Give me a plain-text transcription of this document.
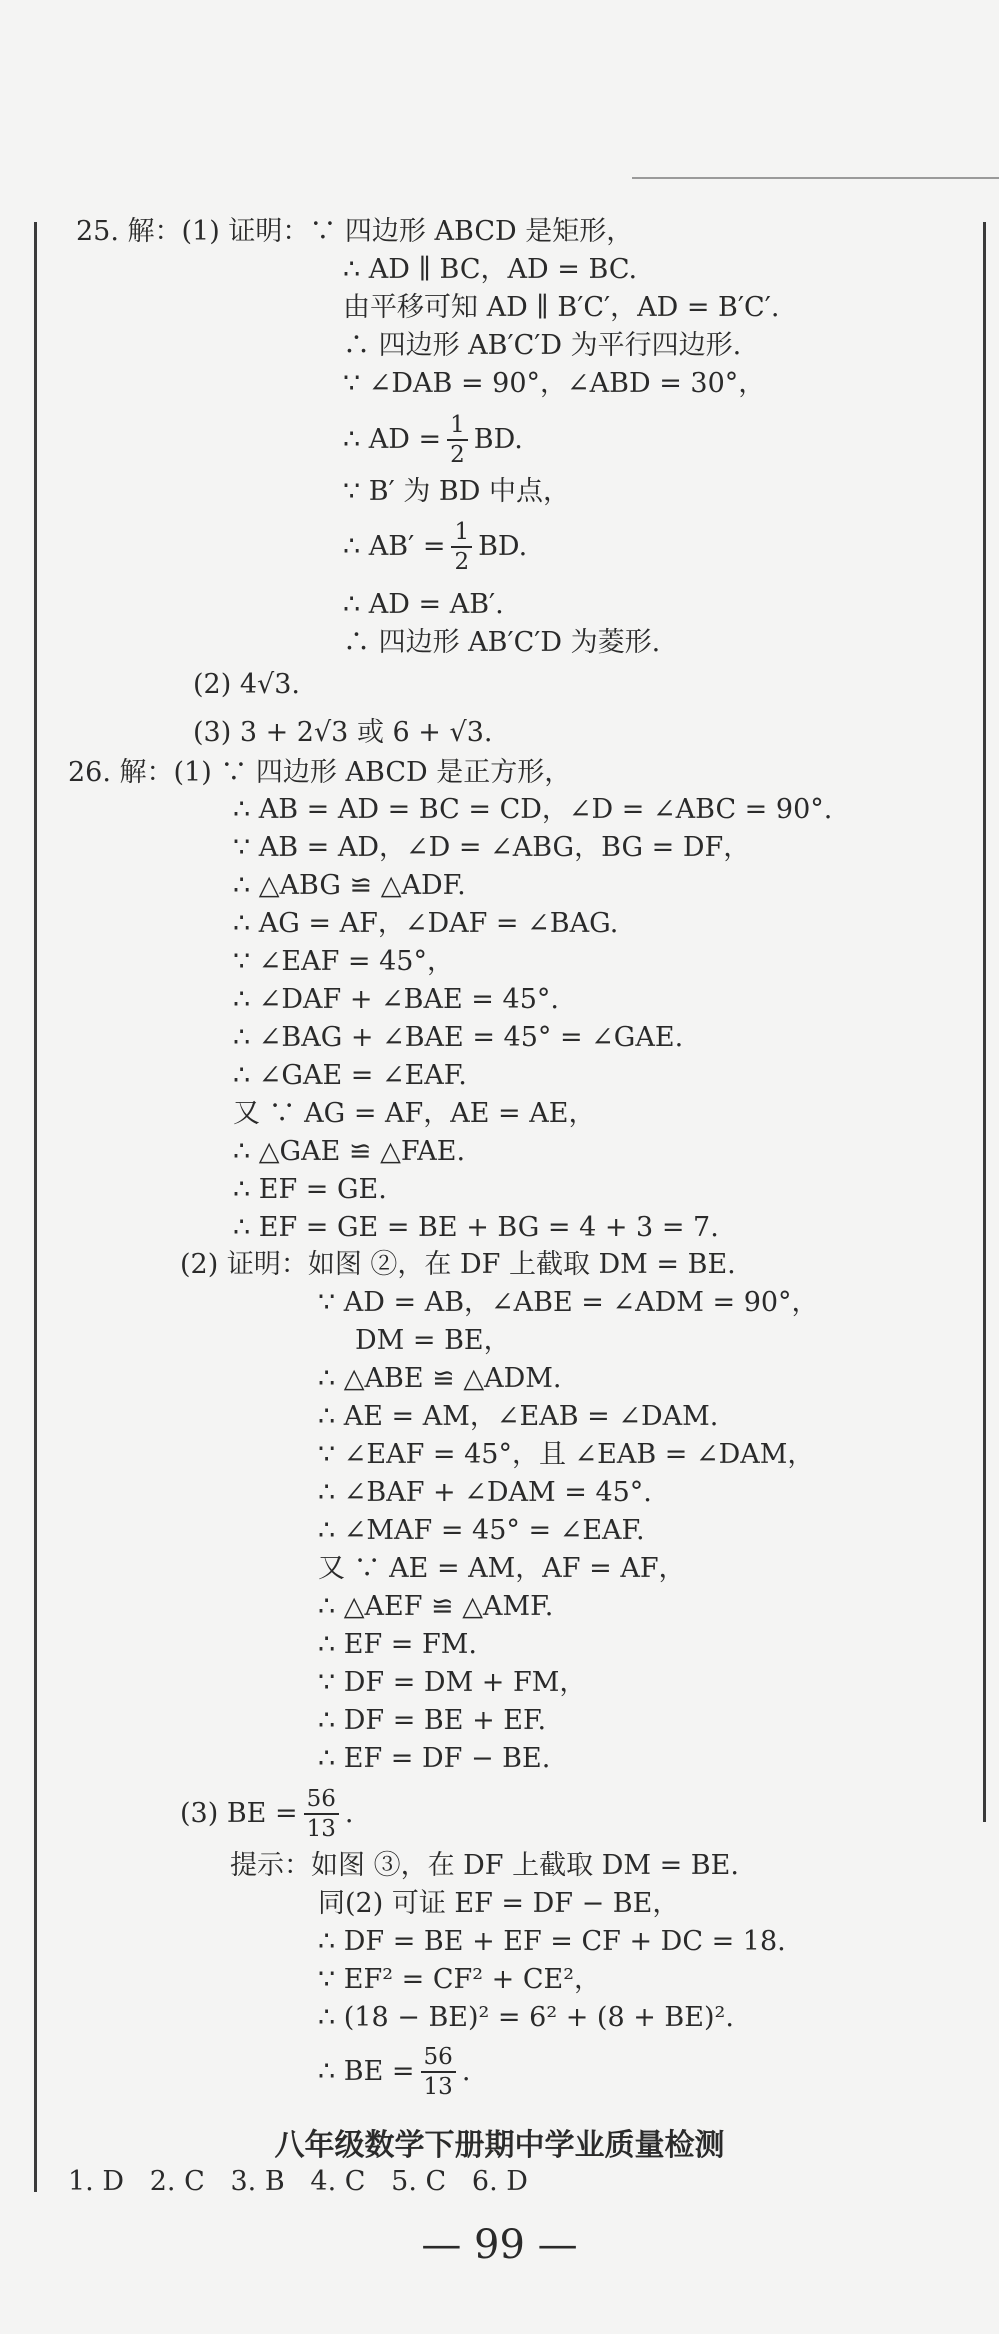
25. 解：(1) 证明：∵ 四边形 ABCD 是矩形，
∴ AD ∥ BC，AD = BC.
由平移可知 AD ∥ B′C′，AD = B′C′.
∴ 四边形 AB′C′D 为平行四边形.
∵ ∠DAB = 90°，∠ABD = 30°，
∴ AD = $\frac{1}{2}$ BD.
∵ B′ 为 BD 中点，
∴ $AB' = \frac{1}{2}$ BD.
∴ AD = AB′.
∴ 四边形 AB′C′D 为菱形.
(2) 4√3.
(3) 3 + 2√3 或 6 + √3.
26. 解：(1) ∵ 四边形 ABCD 是正方形，
∴ AB = AD = BC = CD，∠D = ∠ABC = 90°.
∵ AB = AD，∠D = ∠ABG，BG = DF，
∴ △ABG ≌ △ADF.
∴ AG = AF，∠DAF = ∠BAG.
∵ ∠EAF = 45°，
∴ ∠DAF + ∠BAE = 45°.
∴ ∠BAG + ∠BAE = 45° = ∠GAE.
∴ ∠GAE = ∠EAF.
又 ∵ AG = AF，AE = AE，
∴ △GAE ≌ △FAE.
∴ EF = GE.
∴ EF = GE = BE + BG = 4 + 3 = 7.
(2) 证明：如图 ②，在 DF 上截取 DM = BE.
∵ AD = AB，∠ABE = ∠ADM = 90°，
DM = BE，
∴ △ABE ≌ △ADM.
∴ AE = AM，∠EAB = ∠DAM.
∵ ∠EAF = 45°，且 ∠EAB = ∠DAM，
∴ ∠BAF + ∠DAM = 45°.
∴ ∠MAF = 45° = ∠EAF.
又 ∵ AE = AM，AF = AF，
∴ △AEF ≌ △AMF.
∴ EF = FM.
∵ DF = DM + FM，
∴ DF = BE + EF.
∴ EF = DF − BE.
(3) BE = $\frac{56}{13}$ .
提示：如图 ③，在 DF 上截取 DM = BE.
同(2) 可证 EF = DF − BE，
∴ DF = BE + EF = CF + DC = 18.
∵ EF² = CF² + CE²，
∴ (18 − BE)² = 6² + (8 + BE)².
∴ BE = $\frac{56}{13}$ .
八年级数学下册期中学业质量检测
1. D   2. C   3. B   4. C   5. C   6. D
— 99 —
